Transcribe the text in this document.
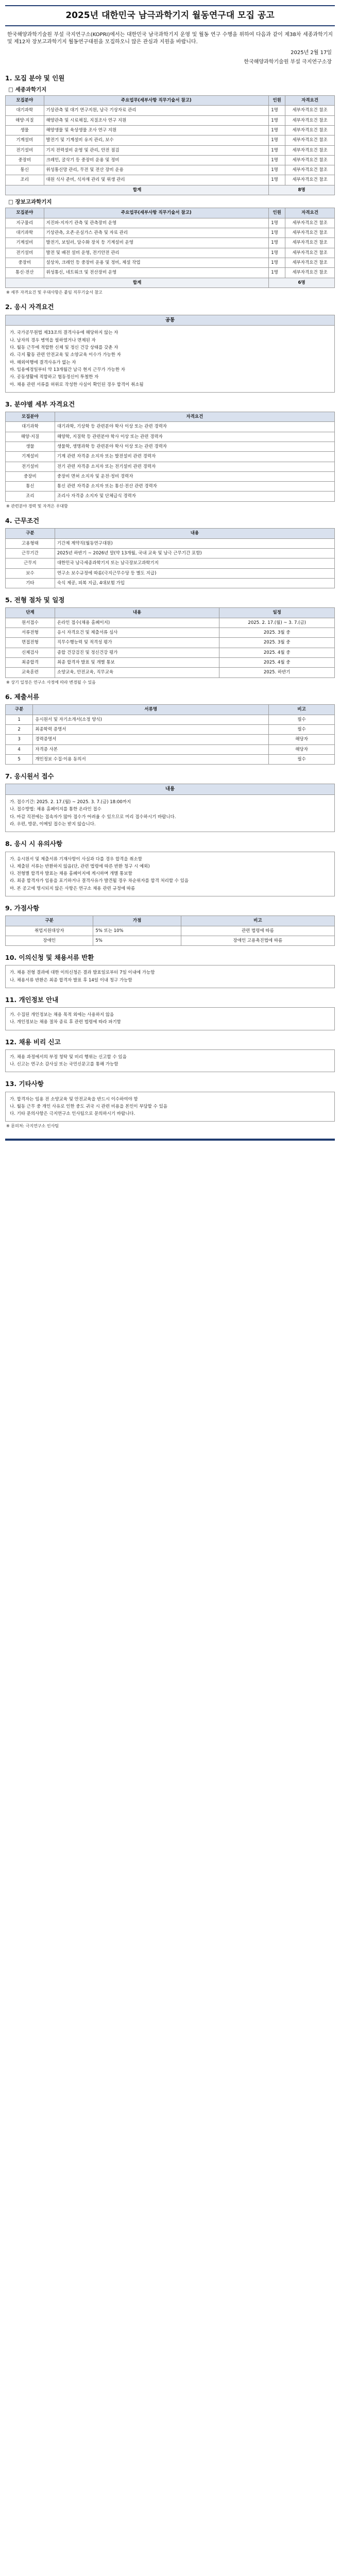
2025년 대한민국 남극과학기지 월동연구대 모집 공고
한국해양과학기술원 부설 극지연구소(KOPRI)에서는 대한민국 남극과학기지 운영 및 월동 연구 수행을 위하여 다음과 같이 제38차 세종과학기지 및 제12차 장보고과학기지 월동연구대원을 모집하오니 많은 관심과 지원을 바랍니다.
2025년 2월 17일
한국해양과학기술원 부설 극지연구소장
1. 모집 분야 및 인원
□ 세종과학기지
모집분야	주요업무(세부사항 직무기술서 참고)	인원	자격요건
대기과학	기상관측 및 대기 연구지원, 남극 기상자료 관리	1명	세부자격요건 참조
해양·지질	해양관측 및 시료채집, 지질조사 연구 지원	1명	세부자격요건 참조
생물	해양생물 및 육상생물 조사 연구 지원	1명	세부자격요건 참조
기계설비	발전기 및 기계설비 유지 관리, 보수	1명	세부자격요건 참조
전기설비	기지 전력설비 운영 및 관리, 안전 점검	1명	세부자격요건 참조
중장비	크레인, 굴삭기 등 중장비 운용 및 정비	1명	세부자격요건 참조
통신	위성통신망 관리, 무전 및 전산 장비 운용	1명	세부자격요건 참조
조리	대원 식사 준비, 식자재 관리 및 위생 관리	1명	세부자격요건 참조
합계		8명	
□ 장보고과학기지
모집분야	주요업무(세부사항 직무기술서 참고)	인원	자격요건
지구물리	지진파·지자기 관측 및 관측장비 운영	1명	세부자격요건 참조
대기과학	기상관측, 오존·온실가스 관측 및 자료 관리	1명	세부자격요건 참조
기계설비	발전기, 보일러, 담수화 장치 등 기계설비 운영	1명	세부자격요건 참조
전기설비	발전 및 배전 설비 운영, 전기안전 관리	1명	세부자격요건 참조
중장비	설상차, 크레인 등 중장비 운용 및 정비, 제설 작업	1명	세부자격요건 참조
통신·전산	위성통신, 네트워크 및 전산장비 운영	1명	세부자격요건 참조
합계		6명	
※ 세부 자격요건 및 우대사항은 붙임 직무기술서 참고
2. 응시 자격요건
공통

가. 국가공무원법 제33조의 결격사유에 해당하지 않는 자

나. 남자의 경우 병역을 필하였거나 면제된 자

다. 월동 근무에 적합한 신체 및 정신 건강 상태를 갖춘 자

라. 극지 활동 관련 안전교육 및 소양교육 이수가 가능한 자

마. 해외여행에 결격사유가 없는 자

바. 임용예정일부터 약 13개월간 남극 현지 근무가 가능한 자

사. 공동생활에 적합하고 협동정신이 투철한 자

아. 채용 관련 서류를 허위로 작성한 사실이 확인된 경우 합격이 취소됨

3. 분야별 세부 자격요건
모집분야	자격요건
대기과학	대기과학, 기상학 등 관련분야 학사 이상 또는 관련 경력자
해양·지질	해양학, 지질학 등 관련분야 학사 이상 또는 관련 경력자
생물	생물학, 생명과학 등 관련분야 학사 이상 또는 관련 경력자
기계설비	기계 관련 자격증 소지자 또는 발전설비 관련 경력자
전기설비	전기 관련 자격증 소지자 또는 전기설비 관련 경력자
중장비	중장비 면허 소지자 및 운전·정비 경력자
통신	통신 관련 자격증 소지자 또는 통신·전산 관련 경력자
조리	조리사 자격증 소지자 및 단체급식 경력자
※ 관련분야 경력 및 자격은 우대함
4. 근무조건
구분	내용
고용형태	기간제 계약직(월동연구대원)
근무기간	2025년 하반기 ~ 2026년 말(약 13개월, 국내 교육 및 남극 근무기간 포함)
근무지	대한민국 남극세종과학기지 또는 남극장보고과학기지
보수	연구소 보수규정에 따름(극지근무수당 등 별도 지급)
기타	숙식 제공, 피복 지급, 4대보험 가입
5. 전형 절차 및 일정
단계	내용	일정
원서접수	온라인 접수(채용 홈페이지)	2025. 2. 17.(월) ~ 3. 7.(금)
서류전형	응시 자격요건 및 제출서류 심사	2025. 3월 중
면접전형	직무수행능력 및 적격성 평가	2025. 3월 중
신체검사	종합 건강검진 및 정신건강 평가	2025. 4월 중
최종합격	최종 합격자 발표 및 개별 통보	2025. 4월 중
교육훈련	소양교육, 안전교육, 직무교육	2025. 하반기
※ 상기 일정은 연구소 사정에 따라 변경될 수 있음
6. 제출서류
구분	서류명	비고
1	응시원서 및 자기소개서(소정 양식)	필수
2	최종학력 증명서	필수
3	경력증명서	해당자
4	자격증 사본	해당자
5	개인정보 수집·이용 동의서	필수
7. 응시원서 접수
내용

가. 접수기간: 2025. 2. 17.(월) ~ 2025. 3. 7.(금) 18:00까지

나. 접수방법: 채용 홈페이지를 통한 온라인 접수

다. 마감 직전에는 접속자가 많아 접수가 어려울 수 있으므로 미리 접수하시기 바랍니다.

라. 우편, 방문, 이메일 접수는 받지 않습니다.

8. 응시 시 유의사항

가. 응시원서 및 제출서류 기재사항이 사실과 다를 경우 합격을 취소함

나. 제출된 서류는 반환하지 않음(단, 관련 법령에 따른 반환 청구 시 예외)

다. 전형별 합격자 발표는 채용 홈페이지에 게시하며 개별 통보함

라. 최종 합격자가 임용을 포기하거나 결격사유가 발견될 경우 차순위자를 합격 처리할 수 있음

마. 본 공고에 명시되지 않은 사항은 연구소 채용 관련 규정에 따름

9. 가점사항
구분	가점	비고
취업지원대상자	5% 또는 10%	관련 법령에 따름
장애인	5%	장애인 고용촉진법에 따름
10. 이의신청 및 채용서류 반환

가. 채용 전형 결과에 대한 이의신청은 결과 발표일로부터 7일 이내에 가능함

나. 채용서류 반환은 최종 합격자 발표 후 14일 이내 청구 가능함

11. 개인정보 안내

가. 수집된 개인정보는 채용 목적 외에는 사용하지 않음

나. 개인정보는 채용 절차 종료 후 관련 법령에 따라 파기함

12. 채용 비리 신고

가. 채용 과정에서의 부정 청탁 및 비리 행위는 신고할 수 있음

나. 신고는 연구소 감사실 또는 국민신문고를 통해 가능함

13. 기타사항

가. 합격자는 임용 전 소양교육 및 안전교육을 반드시 이수하여야 함

나. 월동 근무 중 개인 사유로 인한 중도 귀국 시 관련 비용을 본인이 부담할 수 있음

다. 기타 문의사항은 극지연구소 인사팀으로 문의하시기 바랍니다.

※ 문의처: 극지연구소 인사팀
